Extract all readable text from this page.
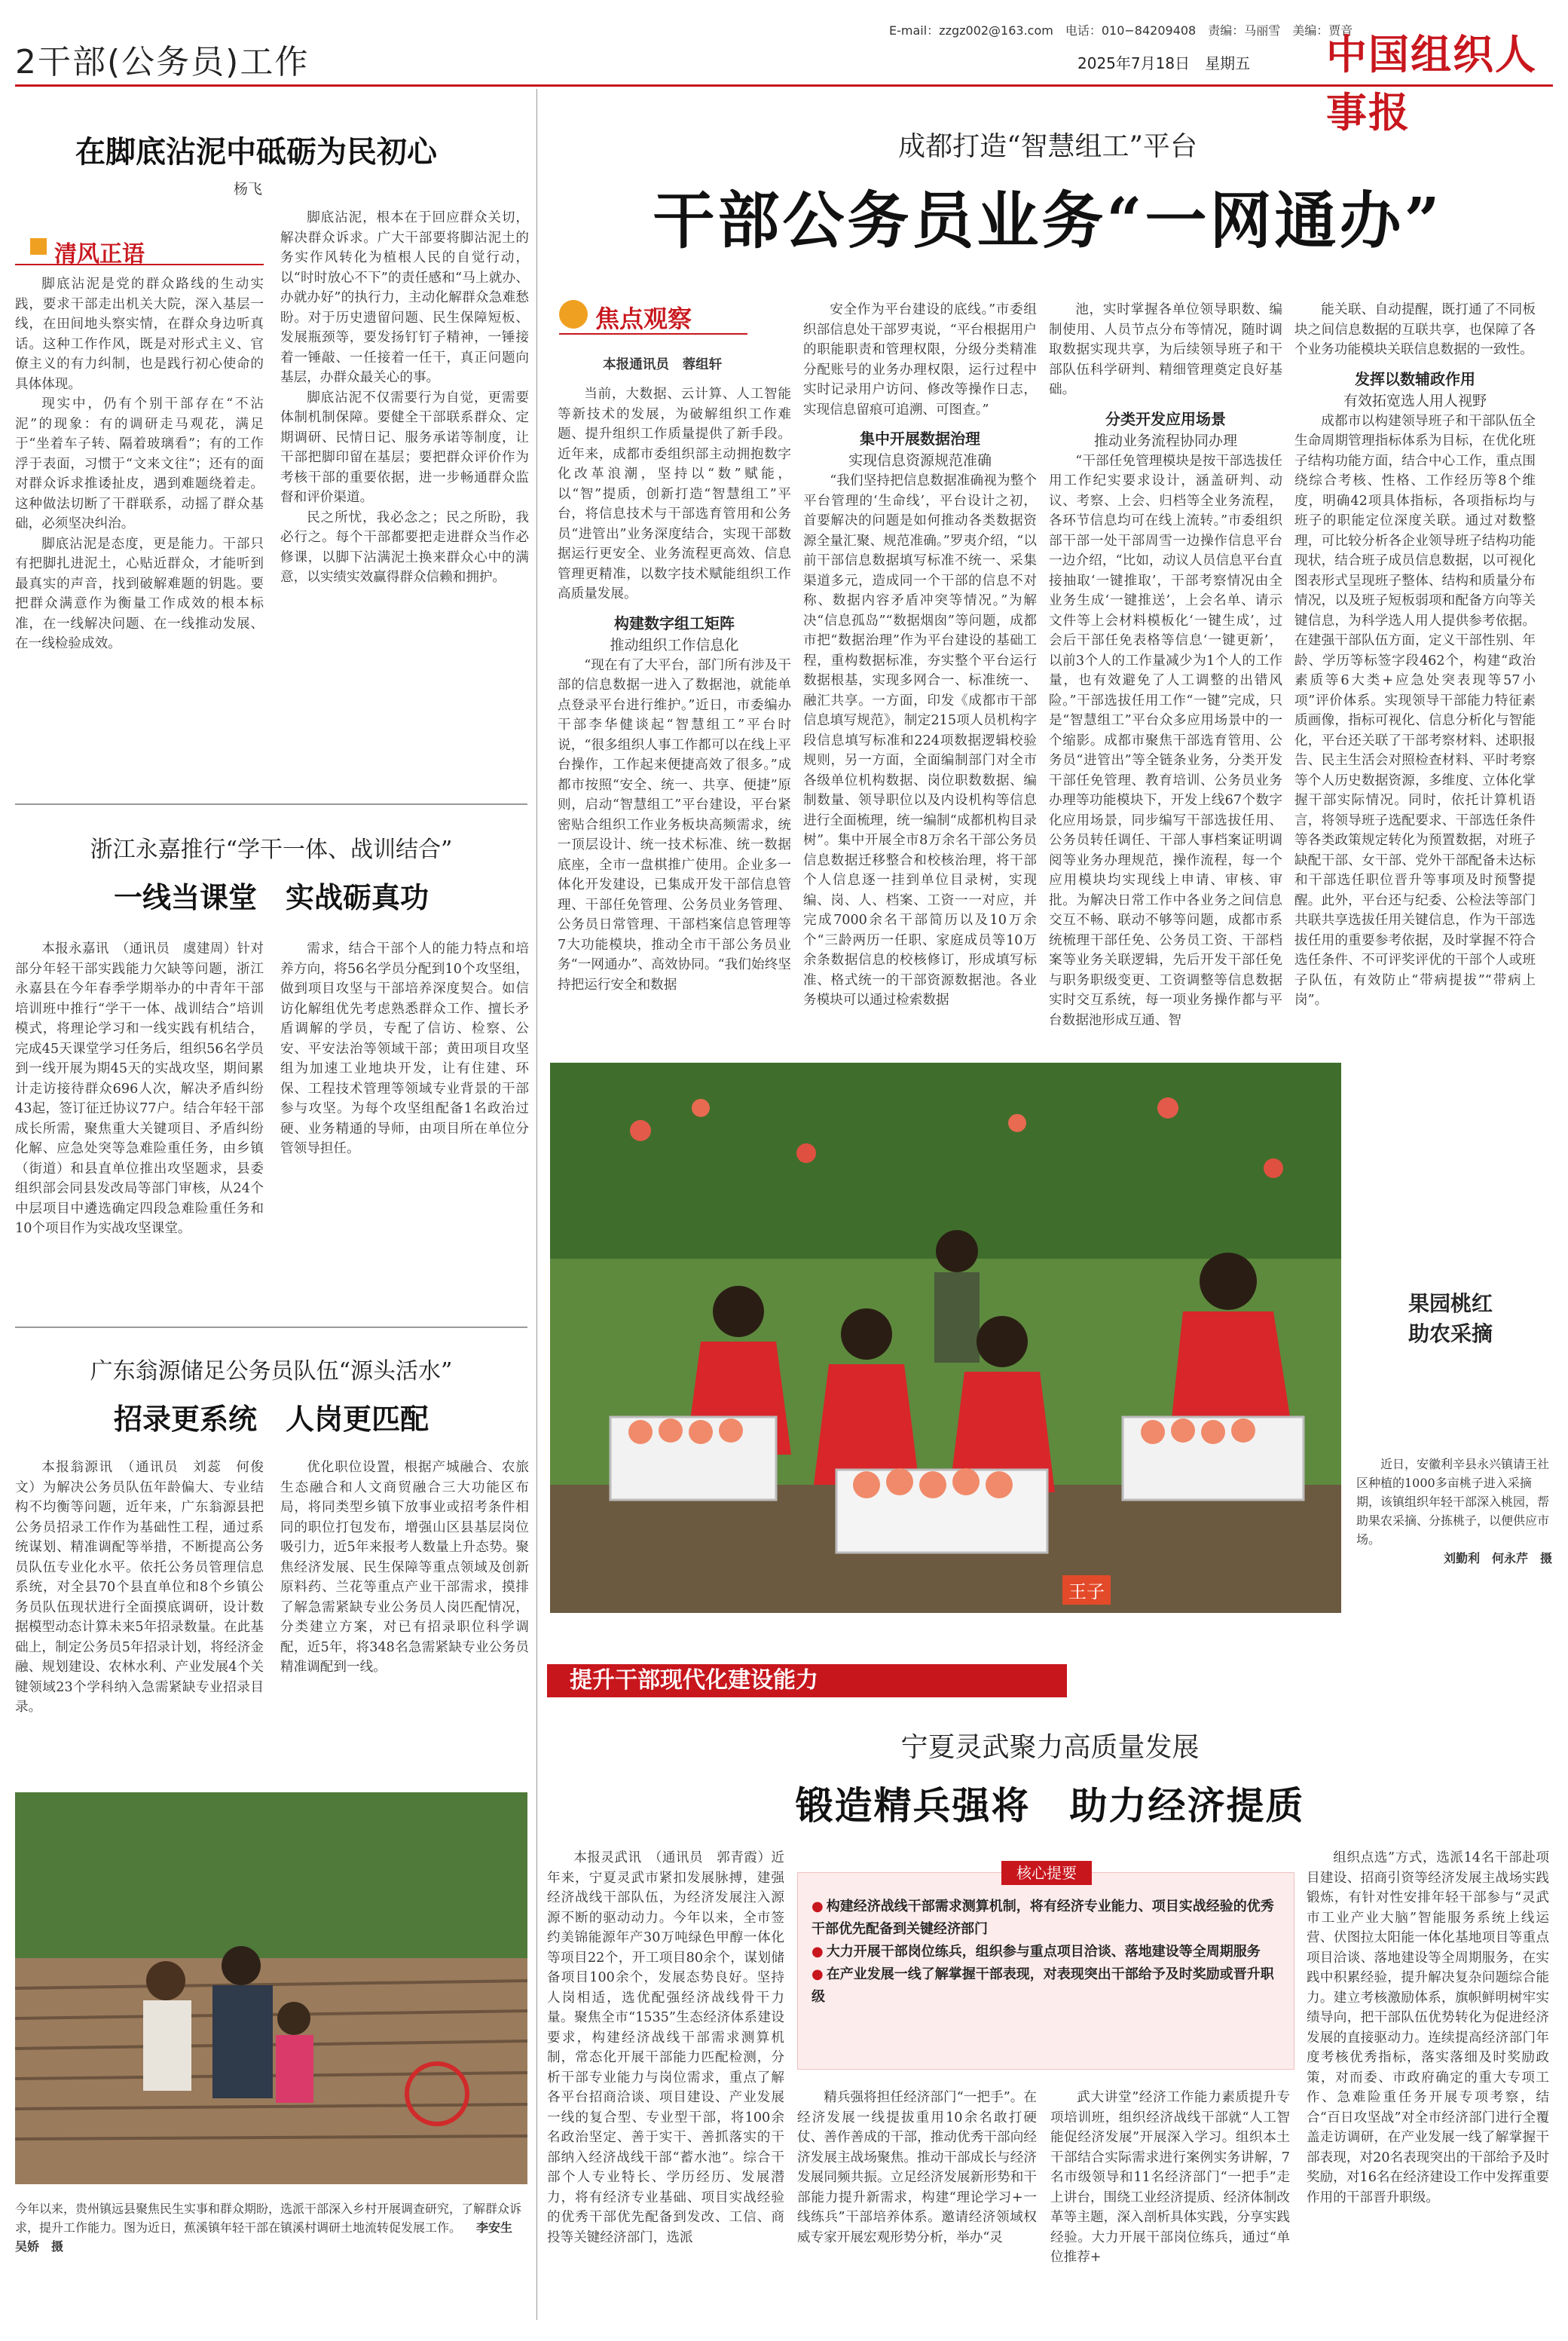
2干部(公务员)工作
E-mail：zzgz002@163.com　电话：010−84209408　责编：马丽雪　美编：贾音
2025年7月18日　星期五 中国组织人事报
在脚底沾泥中砥砺为民初心
杨飞
清风正语

脚底沾泥是党的群众路线的生动实践，要求干部走出机关大院，深入基层一线，在田间地头察实情，在群众身边听真话。这种工作作风，既是对形式主义、官僚主义的有力纠制，也是践行初心使命的具体体现。

现实中，仍有个别干部存在“不沾泥”的现象：有的调研走马观花，满足于“坐着车子转、隔着玻璃看”；有的工作浮于表面，习惯于“文来文往”；还有的面对群众诉求推诿扯皮，遇到难题绕着走。这种做法切断了干群联系，动摇了群众基础，必须坚决纠治。

脚底沾泥是态度，更是能力。干部只有把脚扎进泥土，心贴近群众，才能听到最真实的声音，找到破解难题的钥匙。要把群众满意作为衡量工作成效的根本标准，在一线解决问题、在一线推动发展、在一线检验成效。

脚底沾泥，根本在于回应群众关切，解决群众诉求。广大干部要将脚沾泥土的务实作风转化为植根人民的自觉行动，以“时时放心不下”的责任感和“马上就办、办就办好”的执行力，主动化解群众急难愁盼。对于历史遗留问题、民生保障短板、发展瓶颈等，要发扬钉钉子精神，一锤接着一锤敲、一任接着一任干，真正问题向基层，办群众最关心的事。

脚底沾泥不仅需要行为自觉，更需要体制机制保障。要健全干部联系群众、定期调研、民情日记、服务承诺等制度，让干部把脚印留在基层；要把群众评价作为考核干部的重要依据，进一步畅通群众监督和评价渠道。

民之所忧，我必念之；民之所盼，我必行之。每个干部都要把走进群众当作必修课，以脚下沾满泥土换来群众心中的满意，以实绩实效赢得群众信赖和拥护。

浙江永嘉推行“学干一体、战训结合”
一线当课堂　实战砺真功

本报永嘉讯　（通讯员　虞建周）针对部分年轻干部实践能力欠缺等问题，浙江永嘉县在今年春季学期举办的中青年干部培训班中推行“学干一体、战训结合”培训模式，将理论学习和一线实践有机结合，完成45天课堂学习任务后，组织56名学员到一线开展为期45天的实战攻坚，期间累计走访接待群众696人次，解决矛盾纠纷43起，签订征迁协议77户。结合年轻干部成长所需，聚焦重大关键项目、矛盾纠纷化解、应急处突等急难险重任务，由乡镇（街道）和县直单位推出攻坚题求，县委组织部会同县发改局等部门审核，从24个中层项目中遴选确定四段急难险重任务和10个项目作为实战攻坚课堂。

需求，结合干部个人的能力特点和培养方向，将56名学员分配到10个攻坚组，做到项目攻坚与干部培养深度契合。如信访化解组优先考虑熟悉群众工作、擅长矛盾调解的学员，专配了信访、检察、公安、平安法治等领域干部；黄田项目攻坚组为加速工业地块开发，让有住建、环保、工程技术管理等领域专业背景的干部参与攻坚。为每个攻坚组配备1名政治过硬、业务精通的导师，由项目所在单位分管领导担任。

广东翁源储足公务员队伍“源头活水”
招录更系统　人岗更匹配

本报翁源讯　（通讯员　刘蕊　何俊文）为解决公务员队伍年龄偏大、专业结构不均衡等问题，近年来，广东翁源县把公务员招录工作作为基础性工程，通过系统谋划、精准调配等举措，不断提高公务员队伍专业化水平。依托公务员管理信息系统，对全县70个县直单位和8个乡镇公务员队伍现状进行全面摸底调研，设计数据模型动态计算未来5年招录数量。在此基础上，制定公务员5年招录计划，将经济金融、规划建设、农林水利、产业发展4个关键领域23个学科纳入急需紧缺专业招录目录。

优化职位设置，根据产城融合、农旅生态融合和人文商贸融合三大功能区布局，将同类型乡镇下放事业或招考条件相同的职位打包发布，增强山区县基层岗位吸引力，近5年来报考人数量上升态势。聚焦经济发展、民生保障等重点领域及创新原料药、兰花等重点产业干部需求，摸排了解急需紧缺专业公务员人岗匹配情况，分类建立方案，对已有招录职位科学调配，近5年，将348名急需紧缺专业公务员精准调配到一线。

今年以来，贵州镇远县聚焦民生实事和群众期盼，选派干部深入乡村开展调查研究，了解群众诉求，提升工作能力。图为近日，蕉溪镇年轻干部在镇溪村调研土地流转促发展工作。 李安生　吴娇　摄
成都打造“智慧组工”平台
干部公务员业务“一网通办”
焦点观察
本报通讯员　蓉组轩

当前，大数据、云计算、人工智能等新技术的发展，为破解组织工作难题、提升组织工作质量提供了新手段。近年来，成都市委组织部主动拥抱数字化改革浪潮，坚持以“数”赋能，以“智”提质，创新打造“智慧组工”平台，将信息技术与干部选育管用和公务员“进管出”业务深度结合，实现干部数据运行更安全、业务流程更高效、信息管理更精准，以数字技术赋能组织工作高质量发展。

构建数字组工矩阵
推动组织工作信息化

“现在有了大平台，部门所有涉及干部的信息数据一进入了数据池，就能单点登录平台进行维护。”近日，市委编办干部李华健谈起“智慧组工”平台时说，“很多组织人事工作都可以在线上平台操作，工作起来便捷高效了很多。”成都市按照“安全、统一、共享、便捷”原则，启动“智慧组工”平台建设，平台紧密贴合组织工作业务板块高频需求，统一顶层设计、统一技术标准、统一数据底座，全市一盘棋推广使用。企业多一体化开发建设，已集成开发干部信息管理、干部任免管理、公务员业务管理、公务员日常管理、干部档案信息管理等7大功能模块，推动全市干部公务员业务“一网通办”、高效协同。“我们始终坚持把运行安全和数据

安全作为平台建设的底线。”市委组织部信息处干部罗夷说，“平台根据用户的职能职责和管理权限，分级分类精准分配账号的业务办理权限，运行过程中实时记录用户访问、修改等操作日志，实现信息留痕可追溯、可图查。”

集中开展数据治理
实现信息资源规范准确

“我们坚持把信息数据准确视为整个平台管理的‘生命线’，平台设计之初，首要解决的问题是如何推动各类数据资源全量汇聚、规范准确。”罗夷介绍，“以前干部信息数据填写标准不统一、采集渠道多元，造成同一个干部的信息不对称、数据内容矛盾冲突等情况。”为解决“信息孤岛”“数据烟囱”等问题，成都市把“数据治理”作为平台建设的基础工程，重构数据标准，夯实整个平台运行数据根基，实现多网合一、标准统一、融汇共享。一方面，印发《成都市干部信息填写规范》，制定215项人员机构字段信息填写标准和224项数据逻辑校验规则，另一方面，全面编制部门对全市各级单位机构数据、岗位职数数据、编制数量、领导职位以及内设机构等信息进行全面梳理，统一编制“成都机构目录树”。集中开展全市8万余名干部公务员信息数据迁移整合和校核治理，将干部个人信息逐一挂到单位目录树，实现编、岗、人、档案、工资一一对应，并完成7000余名干部简历以及10万余个“三龄两历一任职、家庭成员等10万余条数据信息的校核修订，形成填写标准、格式统一的干部资源数据池。各业务模块可以通过检索数据

池，实时掌握各单位领导职数、编制使用、人员节点分布等情况，随时调取数据实现共享，为后续领导班子和干部队伍科学研判、精细管理奠定良好基础。

分类开发应用场景
推动业务流程协同办理

“干部任免管理模块是按干部选拔任用工作纪实要求设计，涵盖研判、动议、考察、上会、归档等全业务流程，各环节信息均可在线上流转。”市委组织部干部一处干部周雪一边操作信息平台一边介绍，“比如，动议人员信息平台直接抽取‘一键推取’，干部考察情况由全业务生成‘一键推送’，上会名单、请示文件等上会材料模板化‘一键生成’，过会后干部任免表格等信息‘一键更新’，以前3个人的工作量减少为1个人的工作量，也有效避免了人工调整的出错风险。”干部选拔任用工作“一键”完成，只是“智慧组工”平台众多应用场景中的一个缩影。成都市聚焦干部选育管用、公务员“进管出”等全链条业务，分类开发干部任免管理、教育培训、公务员业务办理等功能模块下，开发上线67个数字化应用场景，同步编写干部选拔任用、公务员转任调任、干部人事档案证明调阅等业务办理规范，操作流程，每一个应用模块均实现线上申请、审核、审批。为解决日常工作中各业务之间信息交互不畅、联动不够等问题，成都市系统梳理干部任免、公务员工资、干部档案等业务关联逻辑，先后开发干部任免与职务职级变更、工资调整等信息数据实时交互系统，每一项业务操作都与平台数据池形成互通、智

能关联、自动提醒，既打通了不同板块之间信息数据的互联共享，也保障了各个业务功能模块关联信息数据的一致性。

发挥以数辅政作用
有效拓宽选人用人视野

成都市以构建领导班子和干部队伍全生命周期管理指标体系为目标，在优化班子结构功能方面，结合中心工作，重点围绕综合考核、性格、工作经历等8个维度，明确42项具体指标，各项指标均与班子的职能定位深度关联。通过对数整理，可比较分析各企业领导班子结构功能现状，结合班子成员信息数据，以可视化图表形式呈现班子整体、结构和质量分布情况，以及班子短板弱项和配备方向等关键信息，为科学选人用人提供参考依据。在建强干部队伍方面，定义干部性别、年龄、学历等标签字段462个，构建“政治素质等6大类+应急处突表现等57小项”评价体系。实现领导干部能力特征素质画像，指标可视化、信息分析化与智能化，平台还关联了干部考察材料、述职报告、民主生活会对照检查材料、平时考察等个人历史数据资源，多维度、立体化掌握干部实际情况。同时，依托计算机语言，将领导班子选配要求、干部选任条件等各类政策规定转化为预置数据，对班子缺配干部、女干部、党外干部配备未达标和干部选任职位晋升等事项及时预警提醒。此外，平台还与纪委、公检法等部门共联共享选拔任用关键信息，作为干部选拔任用的重要参考依据，及时掌握不符合选任条件、不可评奖评优的干部个人或班子队伍，有效防止“带病提拔”“带病上岗”。

王子
果园桃红
助农采摘

近日，安徽利辛县永兴镇请王社区种植的1000多亩桃子进入采摘期，该镇组织年轻干部深入桃园，帮助果农采摘、分拣桃子，以便供应市场。

刘勤利　何永芹　摄

提升干部现代化建设能力
宁夏灵武聚力高质量发展
锻造精兵强将　助力经济提质

本报灵武讯　（通讯员　郭青霞）近年来，宁夏灵武市紧扣发展脉搏，建强经济战线干部队伍，为经济发展注入源源不断的驱动动力。今年以来，全市签约美锦能源年产30万吨绿色甲醇一体化等项目22个，开工项目80余个，谋划储备项目100余个，发展态势良好。坚持人岗相适，选优配强经济战线骨干力量。聚焦全市“1535”生态经济体系建设要求，构建经济战线干部需求测算机制，常态化开展干部能力匹配检测，分析干部专业能力与岗位需求，重点了解各平台招商洽谈、项目建设、产业发展一线的复合型、专业型干部，将100余名政治坚定、善于实干、善抓落实的干部纳入经济战线干部“蓄水池”。综合干部个人专业特长、学历经历、发展潜力，将有经济专业基础、项目实战经验的优秀干部优先配备到发改、工信、商投等关键经济部门，选派

核心提要
● 构建经济战线干部需求测算机制，将有经济专业能力、项目实战经验的优秀干部优先配备到关键经济部门
● 大力开展干部岗位练兵，组织参与重点项目洽谈、落地建设等全周期服务
● 在产业发展一线了解掌握干部表现，对表现突出干部给予及时奖励或晋升职级

精兵强将担任经济部门“一把手”。在经济发展一线提拔重用10余名敢打硬仗、善作善成的干部，推动优秀干部向经济发展主战场聚焦。推动干部成长与经济发展同频共振。立足经济发展新形势和干部能力提升新需求，构建“理论学习+一线练兵”干部培养体系。邀请经济领域权威专家开展宏观形势分析，举办“灵

武大讲堂”经济工作能力素质提升专项培训班，组织经济战线干部就“人工智能促经济发展”开展深入学习。组织本土干部结合实际需求进行案例实务讲解，7名市级领导和11名经济部门“一把手”走上讲台，围绕工业经济提质、经济体制改革等主题，深入剖析具体实践，分享实践经验。大力开展干部岗位练兵，通过“单位推荐+

组织点选”方式，选派14名干部赴项目建设、招商引资等经济发展主战场实践锻炼，有针对性安排年轻干部参与“灵武市工业产业大脑”智能服务系统上线运营、伏图拉太阳能一体化基地项目等重点项目洽谈、落地建设等全周期服务，在实践中积累经验，提升解决复杂问题综合能力。建立考核激励体系，旗帜鲜明树牢实绩导向，把干部队伍优势转化为促进经济发展的直接驱动力。连续提高经济部门年度考核优秀指标，落实落细及时奖励政策，对而委、市政府确定的重大专项工作、急难险重任务开展专项考察，结合“百日攻坚战”对全市经济部门进行全覆盖走访调研，在产业发展一线了解掌握干部表现，对20名表现突出的干部给予及时奖励，对16名在经济建设工作中发挥重要作用的干部晋升职级。
